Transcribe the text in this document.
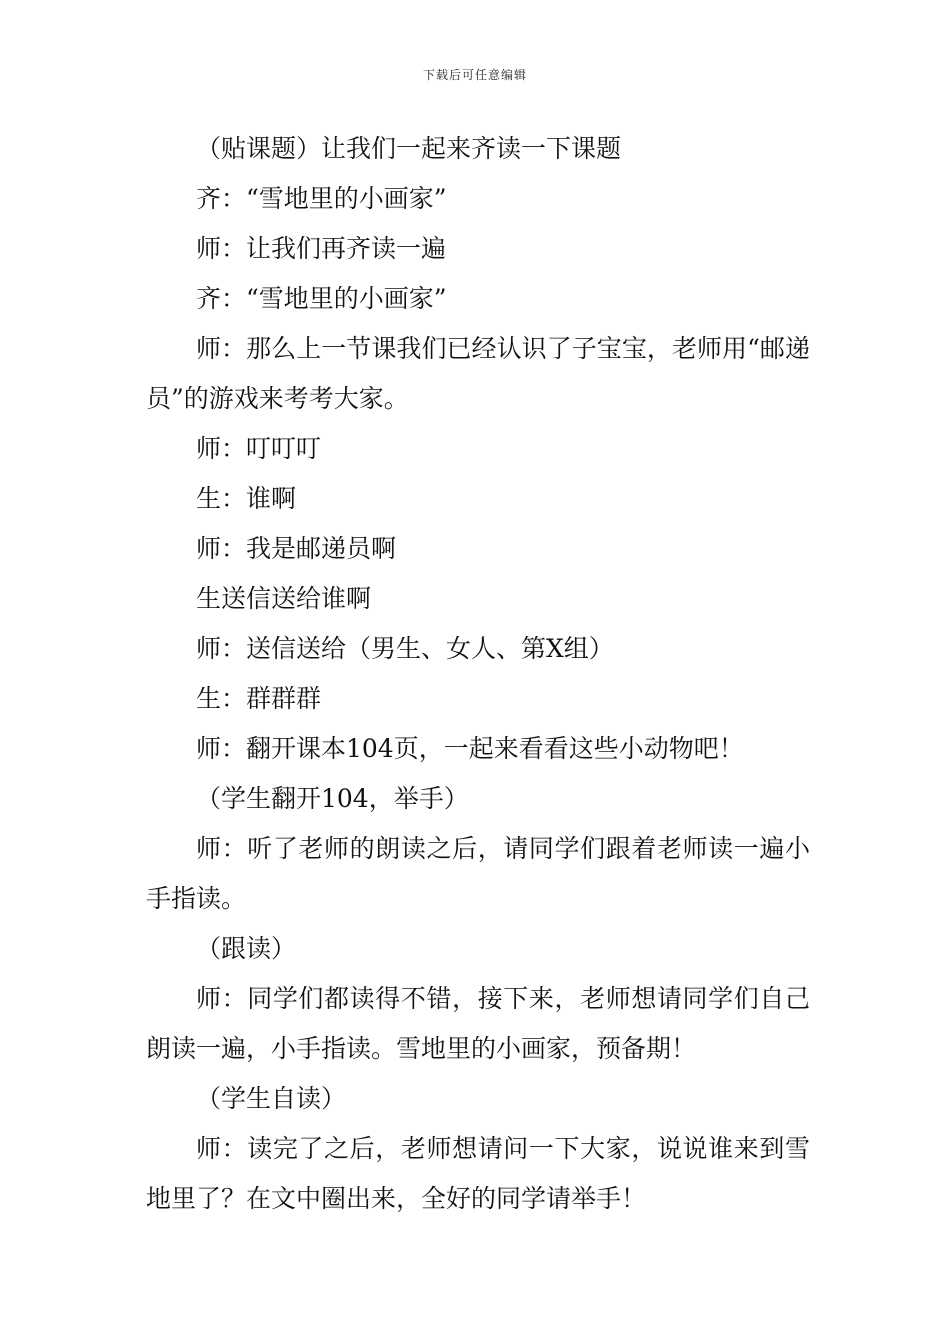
下载后可任意编辑
（贴课题）让我们一起来齐读一下课题
齐：“雪地里的小画家”
师：让我们再齐读一遍
齐：“雪地里的小画家”
师：那么上一节课我们已经认识了子宝宝，老师用“邮递员”的游戏来考考大家。
师：叮叮叮
生：谁啊
师：我是邮递员啊
生送信送给谁啊
师：送信送给（男生、女人、第X组）
生：群群群
师：翻开课本104页，一起来看看这些小动物吧！
（学生翻开104，举手）
师：听了老师的朗读之后，请同学们跟着老师读一遍小手指读。
（跟读）
师：同学们都读得不错，接下来，老师想请同学们自己朗读一遍，小手指读。雪地里的小画家，预备期！
（学生自读）
师：读完了之后，老师想请问一下大家，说说谁来到雪地里了？在文中圈出来，全好的同学请举手！
